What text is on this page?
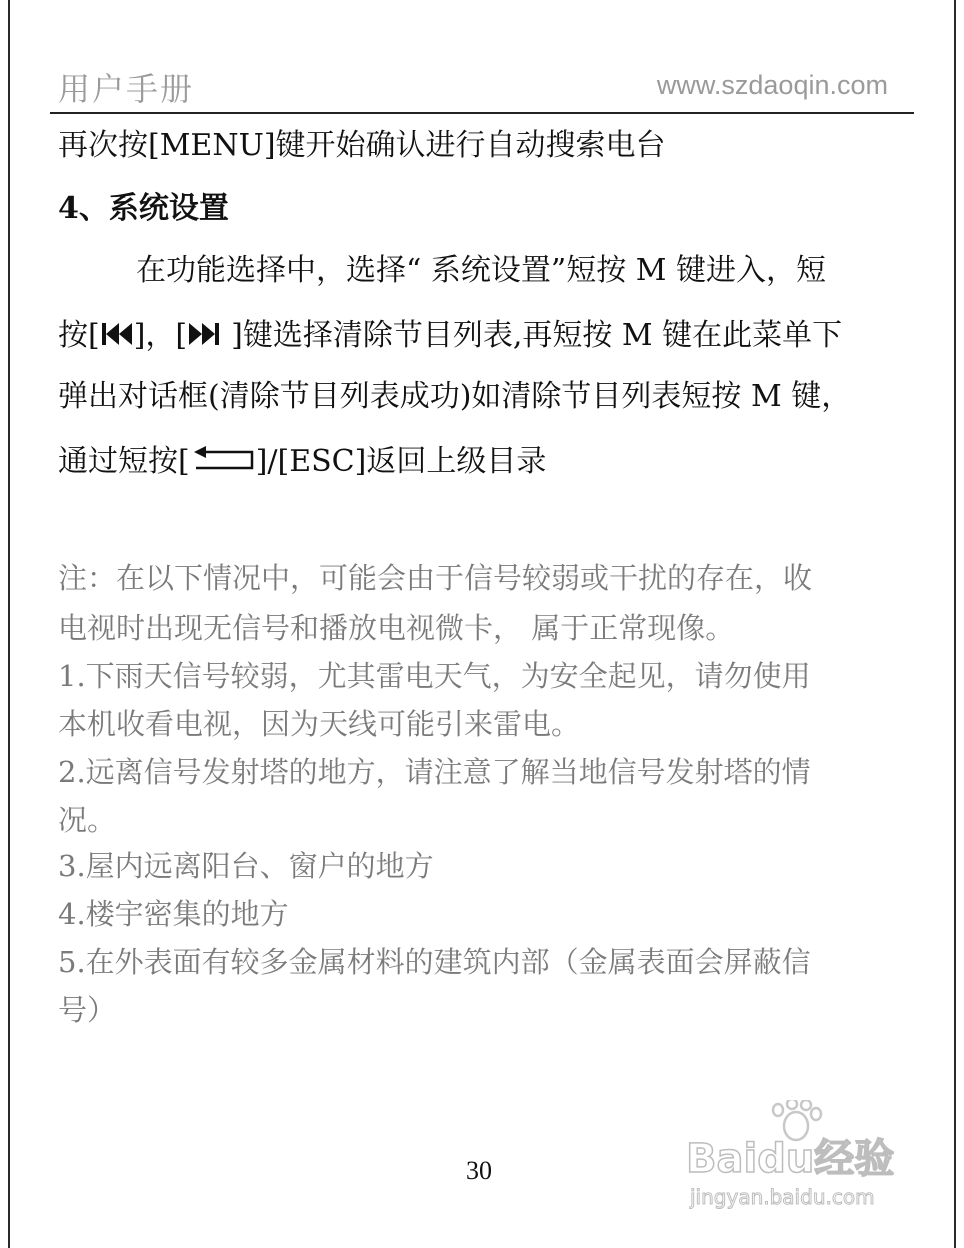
用户手册	www.szdaoqin.com
再次按[MENU]键开始确认进行自动搜索电台
4、系统设置
在功能选择中，选择“ 系统设置”短按 M 键进入，短
按[ ]，[ ]键选择清除节目列表,再短按 M 键在此菜单下
弹出对话框(清除节目列表成功)如清除节目列表短按 M 键，
通过短按[ ]/[ESC]返回上级目录
注：在以下情况中，可能会由于信号较弱或干扰的存在，收
电视时出现无信号和播放电视微卡， 属于正常现像。
1.下雨天信号较弱，尤其雷电天气，为安全起见，请勿使用
本机收看电视，因为天线可能引来雷电。
2.远离信号发射塔的地方，请注意了解当地信号发射塔的情
况。
3.屋内远离阳台、窗户的地方
4.楼宇密集的地方
5.在外表面有较多金属材料的建筑内部（金属表面会屏蔽信
号）
30	Baidu经验
jingyan.baidu.com
